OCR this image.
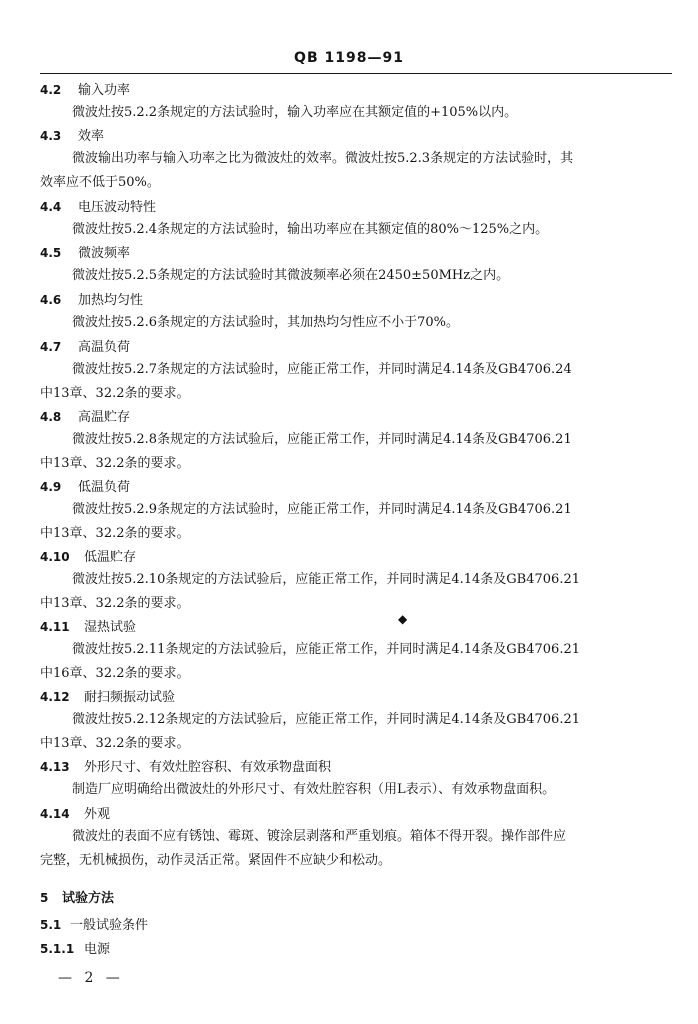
QB 1198—91
4.2 输入功率
微波灶按5.2.2条规定的方法试验时，输入功率应在其额定值的+105%以内。
4.3 效率
微波输出功率与输入功率之比为微波灶的效率。微波灶按5.2.3条规定的方法试验时，其
效率应不低于50%。
4.4 电压波动特性
微波灶按5.2.4条规定的方法试验时，输出功率应在其额定值的80%～125%之内。
4.5 微波频率
微波灶按5.2.5条规定的方法试验时其微波频率必须在2450±50MHz之内。
4.6 加热均匀性
微波灶按5.2.6条规定的方法试验时，其加热均匀性应不小于70%。
4.7 高温负荷
微波灶按5.2.7条规定的方法试验时，应能正常工作，并同时满足4.14条及GB4706.24
中13章、32.2条的要求。
4.8 高温贮存
微波灶按5.2.8条规定的方法试验后，应能正常工作，并同时满足4.14条及GB4706.21
中13章、32.2条的要求。
4.9 低温负荷
微波灶按5.2.9条规定的方法试验时，应能正常工作，并同时满足4.14条及GB4706.21
中13章、32.2条的要求。
4.10 低温贮存
微波灶按5.2.10条规定的方法试验后，应能正常工作，并同时满足4.14条及GB4706.21
中13章、32.2条的要求。
4.11 湿热试验
◆
微波灶按5.2.11条规定的方法试验后，应能正常工作，并同时满足4.14条及GB4706.21
中16章、32.2条的要求。
4.12 耐扫频振动试验
微波灶按5.2.12条规定的方法试验后，应能正常工作，并同时满足4.14条及GB4706.21
中13章、32.2条的要求。
4.13 外形尺寸、有效灶腔容积、有效承物盘面积
制造厂应明确给出微波灶的外形尺寸、有效灶腔容积（用L表示）、有效承物盘面积。
4.14 外观
微波灶的表面不应有锈蚀、霉斑、镀涂层剥落和严重划痕。箱体不得开裂。操作部件应
完整，无机械损伤，动作灵活正常。紧固件不应缺少和松动。
5 试验方法
5.1 一般试验条件
5.1.1 电源
— 2 —
